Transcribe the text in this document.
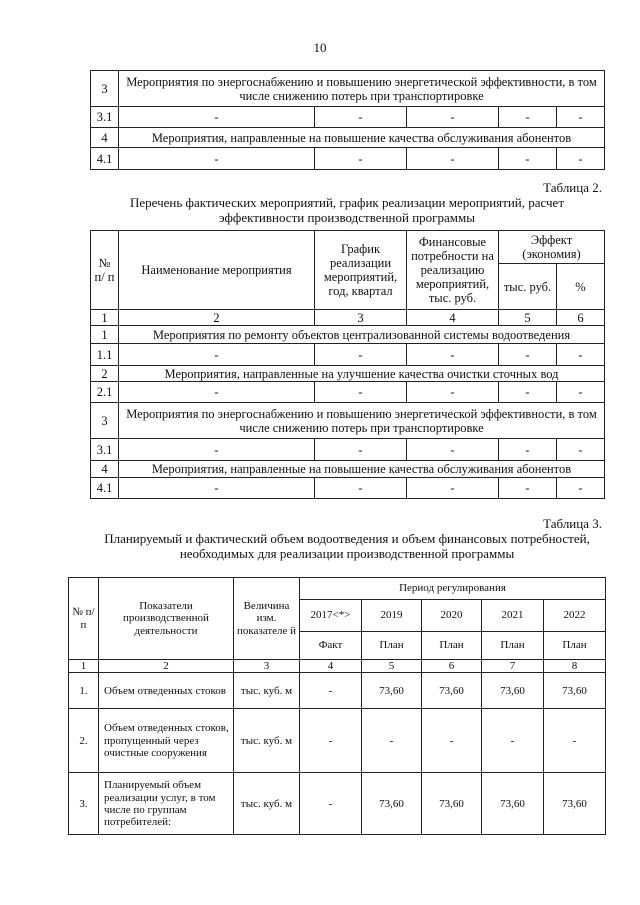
10
3	Мероприятия по энергоснабжению и повышению энергетической эффективности, в том числе снижению потерь при транспортировке				
3.1	-	-	-	-	-
4	Мероприятия, направленные на повышение качества обслуживания абонентов				
4.1	-	-	-	-	-
Таблица 2.
Перечень фактических мероприятий, график реализации мероприятий, расчет эффективности производственной программы
№ п/ п	Наименование мероприятия	График реализации мероприятий, год, квартал	Финансовые потребности на реализацию мероприятий, тыс. руб.	Эффект (экономия)	
				тыс. руб.	%
1	2	3	4	5	6
1	Мероприятия по ремонту объектов централизованной системы водоотведения				
1.1	-	-	-	-	-
2	Мероприятия, направленные на улучшение качества очистки сточных вод				
2.1	-	-	-	-	-
3	Мероприятия по энергоснабжению и повышению энергетической эффективности, в том числе снижению потерь при транспортировке				
3.1	-	-	-	-	-
4	Мероприятия, направленные на повышение качества обслуживания абонентов				
4.1	-	-	-	-	-
Таблица 3.
Планируемый и фактический объем водоотведения и объем финансовых потребностей, необходимых для реализации производственной программы
№ п/п	Показатели производственной деятельности	Величина изм. показателе й	Период регулирования				
			2017<*>	2019	2020	2021	2022
			Факт	План	План	План	План
1	2	3	4	5	6	7	8
1.	Объем отведенных стоков	тыс. куб. м	-	73,60	73,60	73,60	73,60
2.	Объем отведенных стоков, пропущенный через очистные сооружения	тыс. куб. м	-	-	-	-	-
3.	Планируемый объем реализации услуг, в том числе по группам потребителей:	тыс. куб. м	-	73,60	73,60	73,60	73,60
